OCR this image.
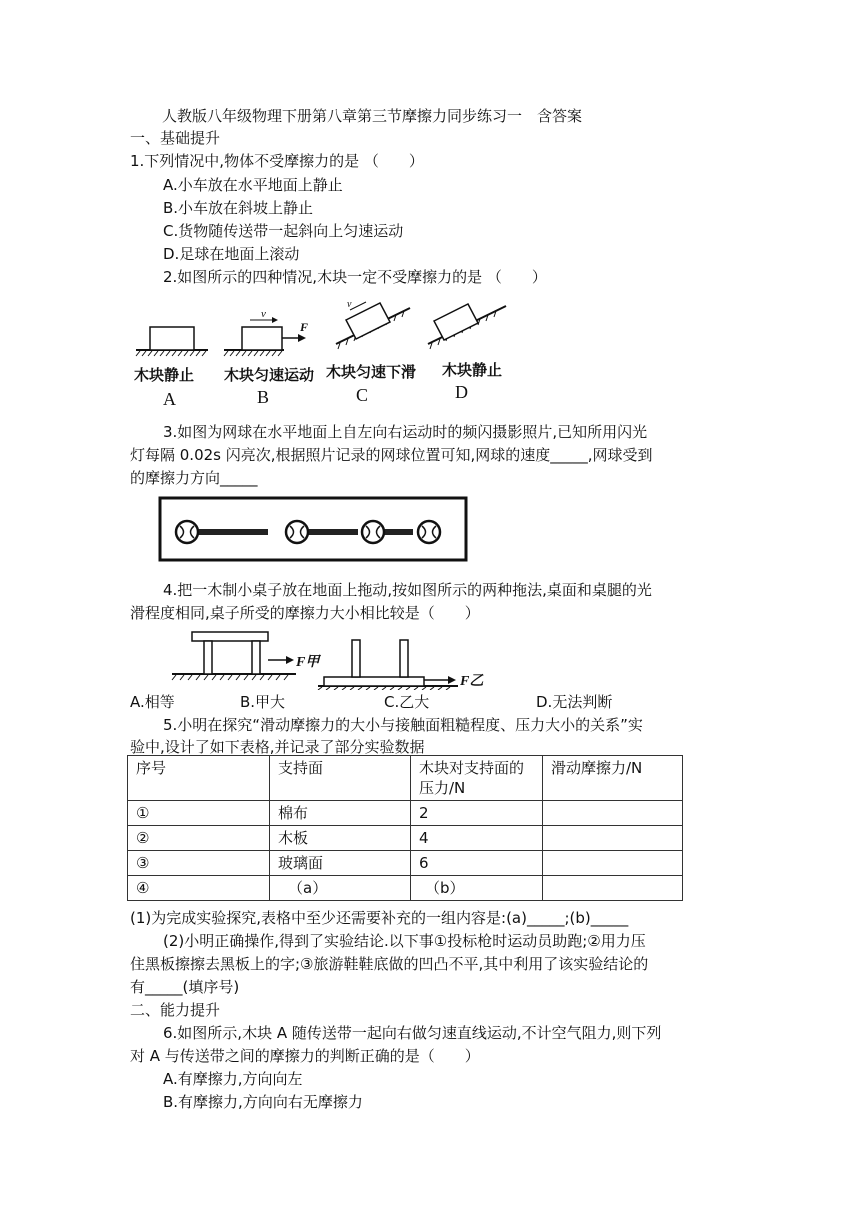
人教版八年级物理下册第八章第三节摩擦力同步练习一　含答案
一、基础提升
1.下列情况中,物体不受摩擦力的是 （　　）
A.小车放在水平地面上静止
B.小车放在斜坡上静止
C.货物随传送带一起斜向上匀速运动
D.足球在地面上滚动
2.如图所示的四种情况,木块一定不受摩擦力的是 （　　）
v
F
v
木块静止 木块匀速运动 木块匀速下滑 木块静止
A	B	C	D
3.如图为网球在水平地面上自左向右运动时的频闪摄影照片,已知所用闪光
灯每隔 0.02s 闪亮次,根据照片记录的网球位置可知,网球的速度_____,网球受到
的摩擦力方向_____
4.把一木制小桌子放在地面上拖动,按如图所示的两种拖法,桌面和桌腿的光
滑程度相同,桌子所受的摩擦力大小相比较是（　　）
F甲
F乙
A.相等	B.甲大	C.乙大	D.无法判断
5.小明在探究“滑动摩擦力的大小与接触面粗糙程度、压力大小的关系”实
验中,设计了如下表格,并记录了部分实验数据
序号	支持面	木块对支持面的压力/N	滑动摩擦力/N
①	棉布	2	
②	木板	4	
③	玻璃面	6	
④	（a）	（b）	
(1)为完成实验探究,表格中至少还需要补充的一组内容是:(a)_____;(b)_____
(2)小明正确操作,得到了实验结论.以下事①投标枪时运动员助跑;②用力压
住黑板擦擦去黑板上的字;③旅游鞋鞋底做的凹凸不平,其中利用了该实验结论的
有_____(填序号)
二、能力提升
6.如图所示,木块 A 随传送带一起向右做匀速直线运动,不计空气阻力,则下列
对 A 与传送带之间的摩擦力的判断正确的是（　　）
A.有摩擦力,方向向左
B.有摩擦力,方向向右无摩擦力
